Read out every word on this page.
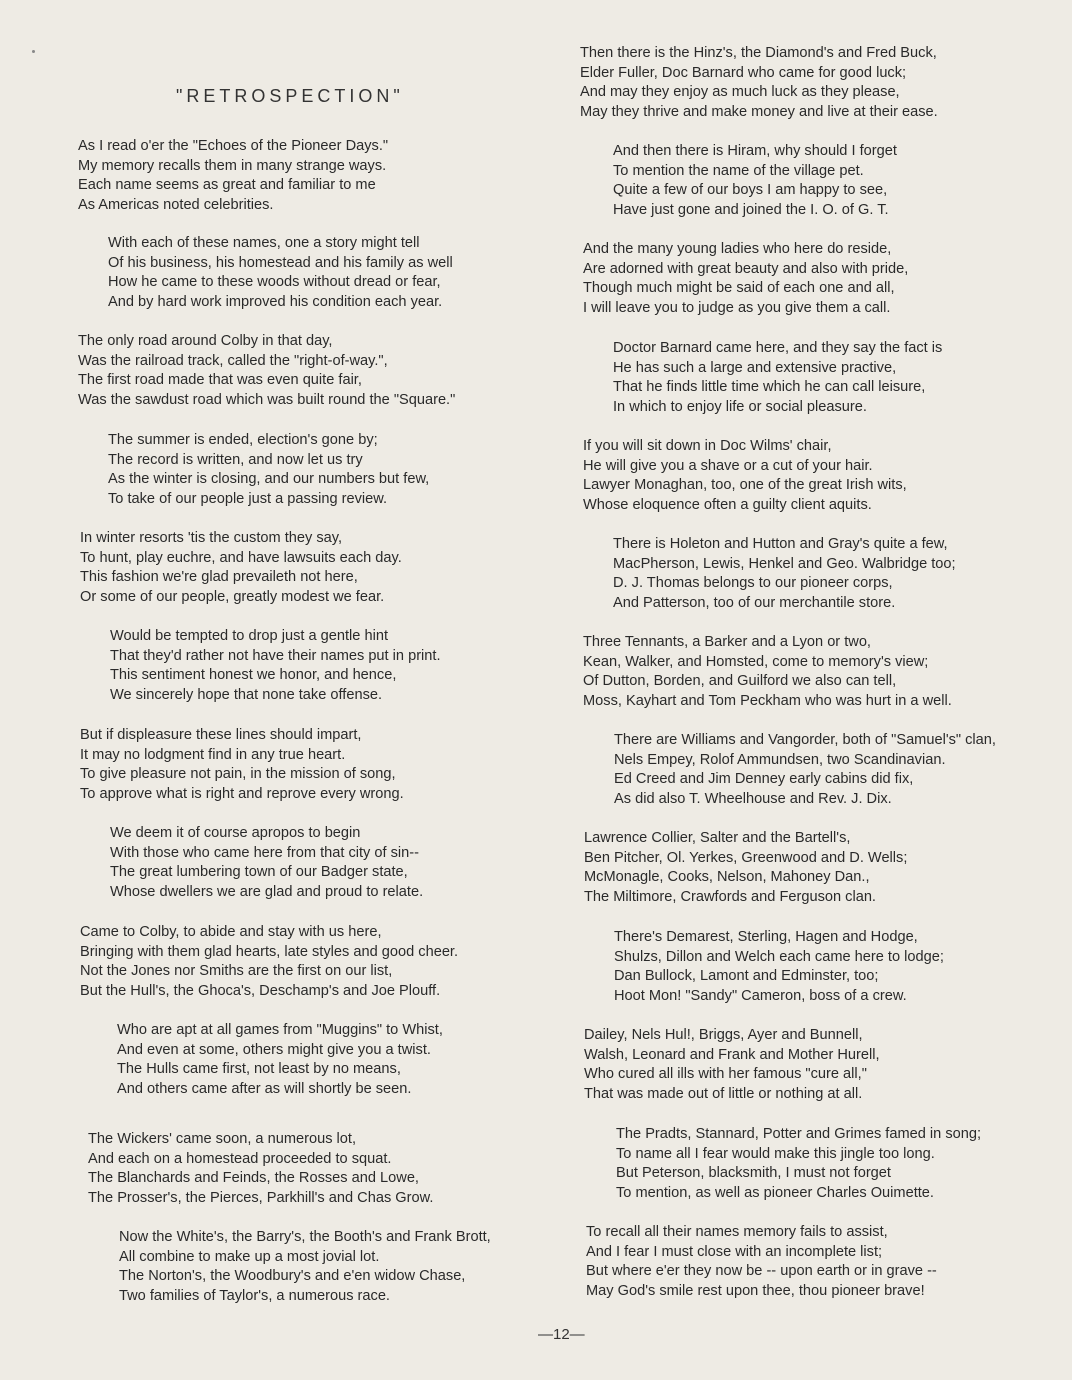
"RETROSPECTION"
As I read o'er the "Echoes of the Pioneer Days."
My memory recalls them in many strange ways.
Each name seems as great and familiar to me
As Americas noted celebrities.
With each of these names, one a story might tell
Of his business, his homestead and his family as well
How he came to these woods without dread or fear,
And by hard work improved his condition each year.
The only road around Colby in that day,
Was the railroad track, called the "right-of-way.",
The first road made that was even quite fair,
Was the sawdust road which was built round the "Square."
The summer is ended, election's gone by;
The record is written, and now let us try
As the winter is closing, and our numbers but few,
To take of our people just a passing review.
In winter resorts 'tis the custom they say,
To hunt, play euchre, and have lawsuits each day.
This fashion we're glad prevaileth not here,
Or some of our people, greatly modest we fear.
Would be tempted to drop just a gentle hint
That they'd rather not have their names put in print.
This sentiment honest we honor, and hence,
We sincerely hope that none take offense.
But if displeasure these lines should impart,
It may no lodgment find in any true heart.
To give pleasure not pain, in the mission of song,
To approve what is right and reprove every wrong.
We deem it of course apropos to begin
With those who came here from that city of sin--
The great lumbering town of our Badger state,
Whose dwellers we are glad and proud to relate.
Came to Colby, to abide and stay with us here,
Bringing with them glad hearts, late styles and good cheer.
Not the Jones nor Smiths are the first on our list,
But the Hull's, the Ghoca's, Deschamp's and Joe Plouff.
Who are apt at all games from "Muggins" to Whist,
And even at some, others might give you a twist.
The Hulls came first, not least by no means,
And others came after as will shortly be seen.
The Wickers' came soon, a numerous lot,
And each on a homestead proceeded to squat.
The Blanchards and Feinds, the Rosses and Lowe,
The Prosser's, the Pierces, Parkhill's and Chas Grow.
Now the White's, the Barry's, the Booth's and Frank Brott,
All combine to make up a most jovial lot.
The Norton's, the Woodbury's and e'en widow Chase,
Two families of Taylor's, a numerous race.
Then there is the Hinz's, the Diamond's and Fred Buck,
Elder Fuller, Doc Barnard who came for good luck;
And may they enjoy as much luck as they please,
May they thrive and make money and live at their ease.
And then there is Hiram, why should I forget
To mention the name of the village pet.
Quite a few of our boys I am happy to see,
Have just gone and joined the I. O. of G. T.
And the many young ladies who here do reside,
Are adorned with great beauty and also with pride,
Though much might be said of each one and all,
I will leave you to judge as you give them a call.
Doctor Barnard came here, and they say the fact is
He has such a large and extensive practive,
That he finds little time which he can call leisure,
In which to enjoy life or social pleasure.
If you will sit down in Doc Wilms' chair,
He will give you a shave or a cut of your hair.
Lawyer Monaghan, too, one of the great Irish wits,
Whose eloquence often a guilty client aquits.
There is Holeton and Hutton and Gray's quite a few,
MacPherson, Lewis, Henkel and Geo. Walbridge too;
D. J. Thomas belongs to our pioneer corps,
And Patterson, too of our merchantile store.
Three Tennants, a Barker and a Lyon or two,
Kean, Walker, and Homsted, come to memory's view;
Of Dutton, Borden, and Guilford we also can tell,
Moss, Kayhart and Tom Peckham who was hurt in a well.
There are Williams and Vangorder, both of "Samuel's" clan,
Nels Empey, Rolof Ammundsen, two Scandinavian.
Ed Creed and Jim Denney early cabins did fix,
As did also T. Wheelhouse and Rev. J. Dix.
Lawrence Collier, Salter and the Bartell's,
Ben Pitcher, Ol. Yerkes, Greenwood and D. Wells;
McMonagle, Cooks, Nelson, Mahoney Dan.,
The Miltimore, Crawfords and Ferguson clan.
There's Demarest, Sterling, Hagen and Hodge,
Shulzs, Dillon and Welch each came here to lodge;
Dan Bullock, Lamont and Edminster, too;
Hoot Mon! "Sandy" Cameron, boss of a crew.
Dailey, Nels Hul!, Briggs, Ayer and Bunnell,
Walsh, Leonard and Frank and Mother Hurell,
Who cured all ills with her famous "cure all,"
That was made out of little or nothing at all.
The Pradts, Stannard, Potter and Grimes famed in song;
To name all I fear would make this jingle too long.
But Peterson, blacksmith, I must not forget
To mention, as well as pioneer Charles Ouimette.
To recall all their names memory fails to assist,
And I fear I must close with an incomplete list;
But where e'er they now be -- upon earth or in grave --
May God's smile rest upon thee, thou pioneer brave!
—12—
